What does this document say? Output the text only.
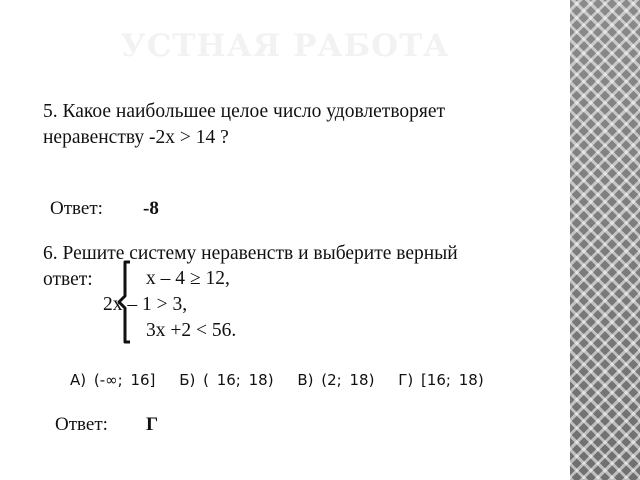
УСТНАЯ РАБОТА
5. Какое наибольшее целое число удовлетворяет
неравенству -2х > 14 ?
Ответ: -8
6. Решите систему неравенств и выберите верный
ответ:	х – 4 ≥ 12,
2х – 1 > 3,
3х +2 < 56.
А) (-∞; 16] Б) ( 16; 18) В) (2; 18) Г) [16; 18)
Ответ: Г
